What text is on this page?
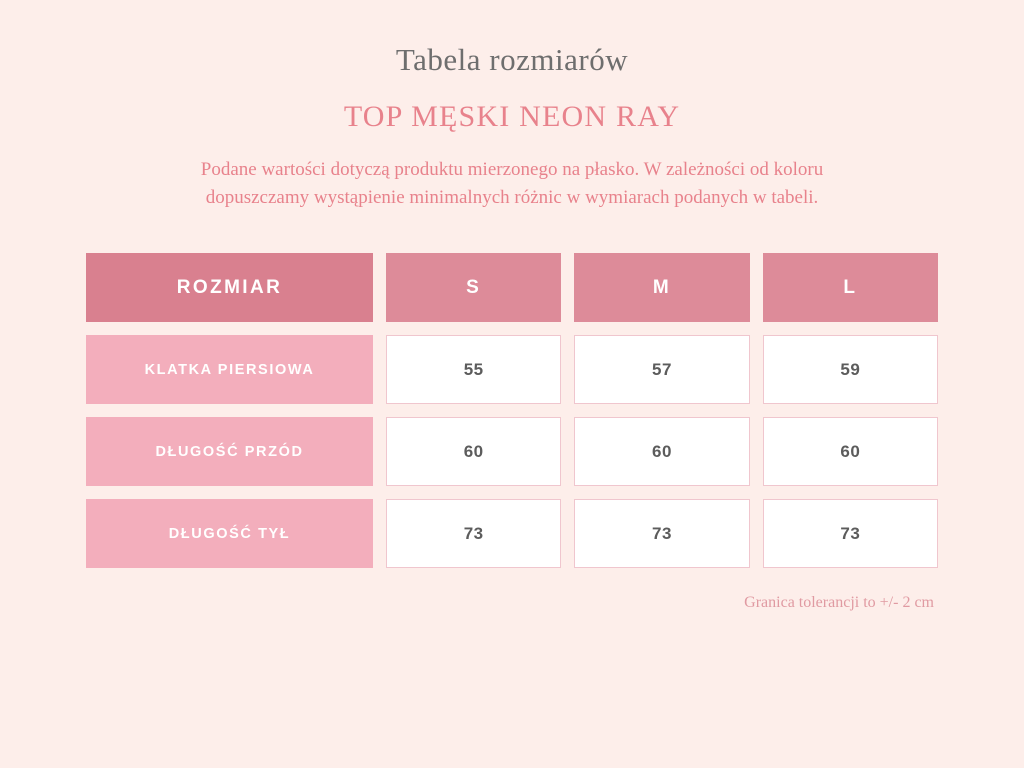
Tabela rozmiarów
TOP MĘSKI NEON RAY
Podane wartości dotyczą produktu mierzonego na płasko. W zależności od koloru
dopuszczamy wystąpienie minimalnych różnic w wymiarach podanych w tabeli.
ROZMIAR	S	M	L
KLATKA PIERSIOWA	55	57	59
DŁUGOŚĆ PRZÓD	60	60	60
DŁUGOŚĆ TYŁ	73	73	73
Granica tolerancji to +/- 2 cm
